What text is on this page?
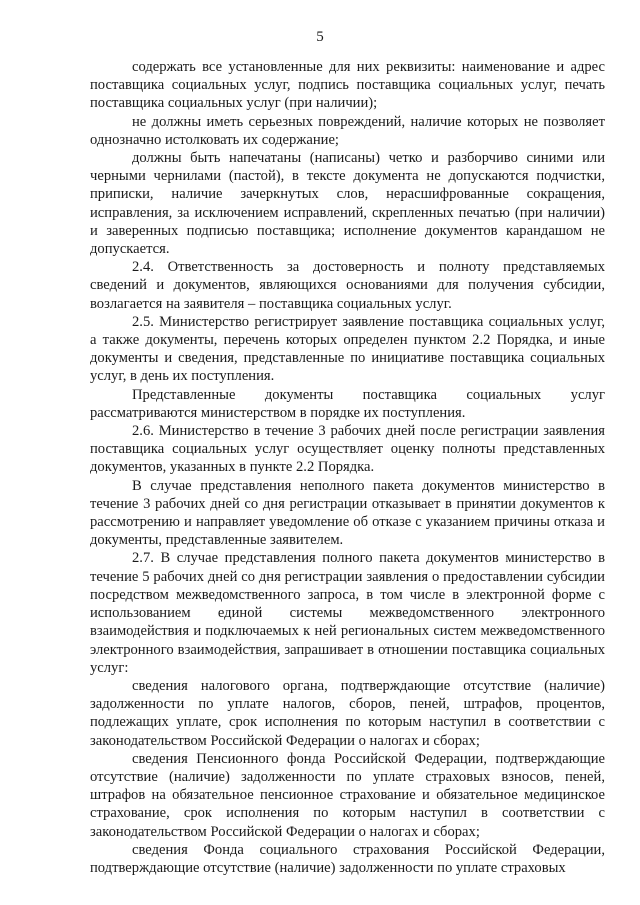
5

содержать все установленные для них реквизиты: наименование и адрес поставщика социальных услуг, подпись поставщика социальных услуг, печать поставщика социальных услуг (при наличии);

не должны иметь серьезных повреждений, наличие которых не позволяет однозначно истолковать их содержание;

должны быть напечатаны (написаны) четко и разборчиво синими или черными чернилами (пастой), в тексте документа не допускаются подчистки, приписки, наличие зачеркнутых слов, нерасшифрованные сокращения, исправления, за исключением исправлений, скрепленных печатью (при наличии) и заверенных подписью поставщика; исполнение документов карандашом не допускается.

2.4. Ответственность за достоверность и полноту представляемых сведений и документов, являющихся основаниями для получения субсидии, возлагается на заявителя – поставщика социальных услуг.

2.5. Министерство регистрирует заявление поставщика социальных услуг, а также документы, перечень которых определен пунктом 2.2 Порядка, и иные документы и сведения, представленные по инициативе поставщика социальных услуг, в день их поступления.

Представленные документы поставщика социальных услуг рассматриваются министерством в порядке их поступления.

2.6. Министерство в течение 3 рабочих дней после регистрации заявления поставщика социальных услуг осуществляет оценку полноты представленных документов, указанных в пункте 2.2 Порядка.

В случае представления неполного пакета документов министерство в течение 3 рабочих дней со дня регистрации отказывает в принятии документов к рассмотрению и направляет уведомление об отказе с указанием причины отказа и документы, представленные заявителем.

2.7. В случае представления полного пакета документов министерство в течение 5 рабочих дней со дня регистрации заявления о предоставлении субсидии посредством межведомственного запроса, в том числе в электронной форме с использованием единой системы межведомственного электронного взаимодействия и подключаемых к ней региональных систем межведомственного электронного взаимодействия, запрашивает в отношении поставщика социальных услуг:

сведения налогового органа, подтверждающие отсутствие (наличие) задолженности по уплате налогов, сборов, пеней, штрафов, процентов, подлежащих уплате, срок исполнения по которым наступил в соответствии с законодательством Российской Федерации о налогах и сборах;

сведения Пенсионного фонда Российской Федерации, подтверждающие отсутствие (наличие) задолженности по уплате страховых взносов, пеней, штрафов на обязательное пенсионное страхование и обязательное медицинское страхование, срок исполнения по которым наступил в соответствии с законодательством Российской Федерации о налогах и сборах;

сведения Фонда социального страхования Российской Федерации, подтверждающие отсутствие (наличие) задолженности по уплате страховых
